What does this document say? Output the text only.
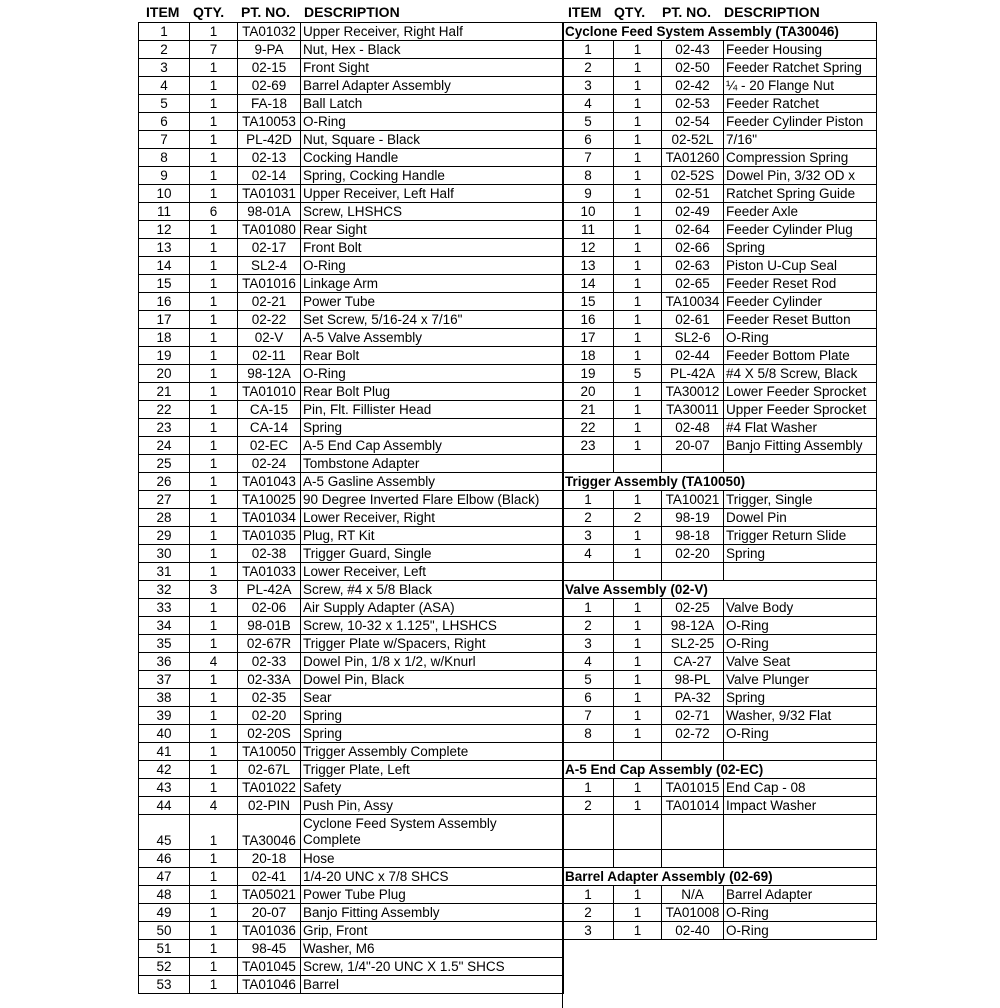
ITEM QTY. PT. NO. DESCRIPTION	ITEM QTY. PT. NO. DESCRIPTION
1	1	TA01032	Upper Receiver, Right Half
2	7	9-PA	Nut, Hex - Black
3	1	02-15	Front Sight
4	1	02-69	Barrel Adapter Assembly
5	1	FA-18	Ball Latch
6	1	TA10053	O-Ring
7	1	PL-42D	Nut, Square - Black
8	1	02-13	Cocking Handle
9	1	02-14	Spring, Cocking Handle
10	1	TA01031	Upper Receiver, Left Half
11	6	98-01A	Screw, LHSHCS
12	1	TA01080	Rear Sight
13	1	02-17	Front Bolt
14	1	SL2-4	O-Ring
15	1	TA01016	Linkage Arm
16	1	02-21	Power Tube
17	1	02-22	Set Screw, 5/16-24 x 7/16"
18	1	02-V	A-5 Valve Assembly
19	1	02-11	Rear Bolt
20	1	98-12A	O-Ring
21	1	TA01010	Rear Bolt Plug
22	1	CA-15	Pin, Flt. Fillister Head
23	1	CA-14	Spring
24	1	02-EC	A-5 End Cap Assembly
25	1	02-24	Tombstone Adapter
26	1	TA01043	A-5 Gasline Assembly
27	1	TA10025	90 Degree Inverted Flare Elbow (Black)
28	1	TA01034	Lower Receiver, Right
29	1	TA01035	Plug, RT Kit
30	1	02-38	Trigger Guard, Single
31	1	TA01033	Lower Receiver, Left
32	3	PL-42A	Screw, #4 x 5/8 Black
33	1	02-06	Air Supply Adapter (ASA)
34	1	98-01B	Screw, 10-32 x 1.125", LHSHCS
35	1	02-67R	Trigger Plate w/Spacers, Right
36	4	02-33	Dowel Pin, 1/8 x 1/2, w/Knurl
37	1	02-33A	Dowel Pin, Black
38	1	02-35	Sear
39	1	02-20	Spring
40	1	02-20S	Spring
41	1	TA10050	Trigger Assembly Complete
42	1	02-67L	Trigger Plate, Left
43	1	TA01022	Safety
44	4	02-PIN	Push Pin, Assy
45	1	TA30046	Cyclone Feed System Assembly
Complete

46	1	20-18	Hose
47	1	02-41	1/4-20 UNC x 7/8 SHCS
48	1	TA05021	Power Tube Plug
49	1	20-07	Banjo Fitting Assembly
50	1	TA01036	Grip, Front
51	1	98-45	Washer, M6
52	1	TA01045	Screw, 1/4"-20 UNC X 1.5" SHCS
53	1	TA01046	Barrel
Cyclone Feed System Assembly (TA30046)			
1	1	02-43	Feeder Housing
2	1	02-50	Feeder Ratchet Spring
3	1	02-42	¼ - 20 Flange Nut
4	1	02-53	Feeder Ratchet
5	1	02-54	Feeder Cylinder Piston
6	1	02-52L	7/16"
7	1	TA01260	Compression Spring
8	1	02-52S	Dowel Pin, 3/32 OD x
9	1	02-51	Ratchet Spring Guide
10	1	02-49	Feeder Axle
11	1	02-64	Feeder Cylinder Plug
12	1	02-66	Spring
13	1	02-63	Piston U-Cup Seal
14	1	02-65	Feeder Reset Rod
15	1	TA10034	Feeder Cylinder
16	1	02-61	Feeder Reset Button
17	1	SL2-6	O-Ring
18	1	02-44	Feeder Bottom Plate
19	5	PL-42A	#4 X 5/8 Screw, Black
20	1	TA30012	Lower Feeder Sprocket
21	1	TA30011	Upper Feeder Sprocket
22	1	02-48	#4 Flat Washer
23	1	20-07	Banjo Fitting Assembly

Trigger Assembly (TA10050)			
1	1	TA10021	Trigger, Single
2	2	98-19	Dowel Pin
3	1	98-18	Trigger Return Slide
4	1	02-20	Spring

Valve Assembly (02-V)			
1	1	02-25	Valve Body
2	1	98-12A	O-Ring
3	1	SL2-25	O-Ring
4	1	CA-27	Valve Seat
5	1	98-PL	Valve Plunger
6	1	PA-32	Spring
7	1	02-71	Washer, 9/32 Flat
8	1	02-72	O-Ring

A-5 End Cap Assembly (02-EC)			
1	1	TA01015	End Cap - 08
2	1	TA01014	Impact Washer

Barrel Adapter Assembly (02-69)			
1	1	N/A	Barrel Adapter
2	1	TA01008	O-Ring
3	1	02-40	O-Ring
